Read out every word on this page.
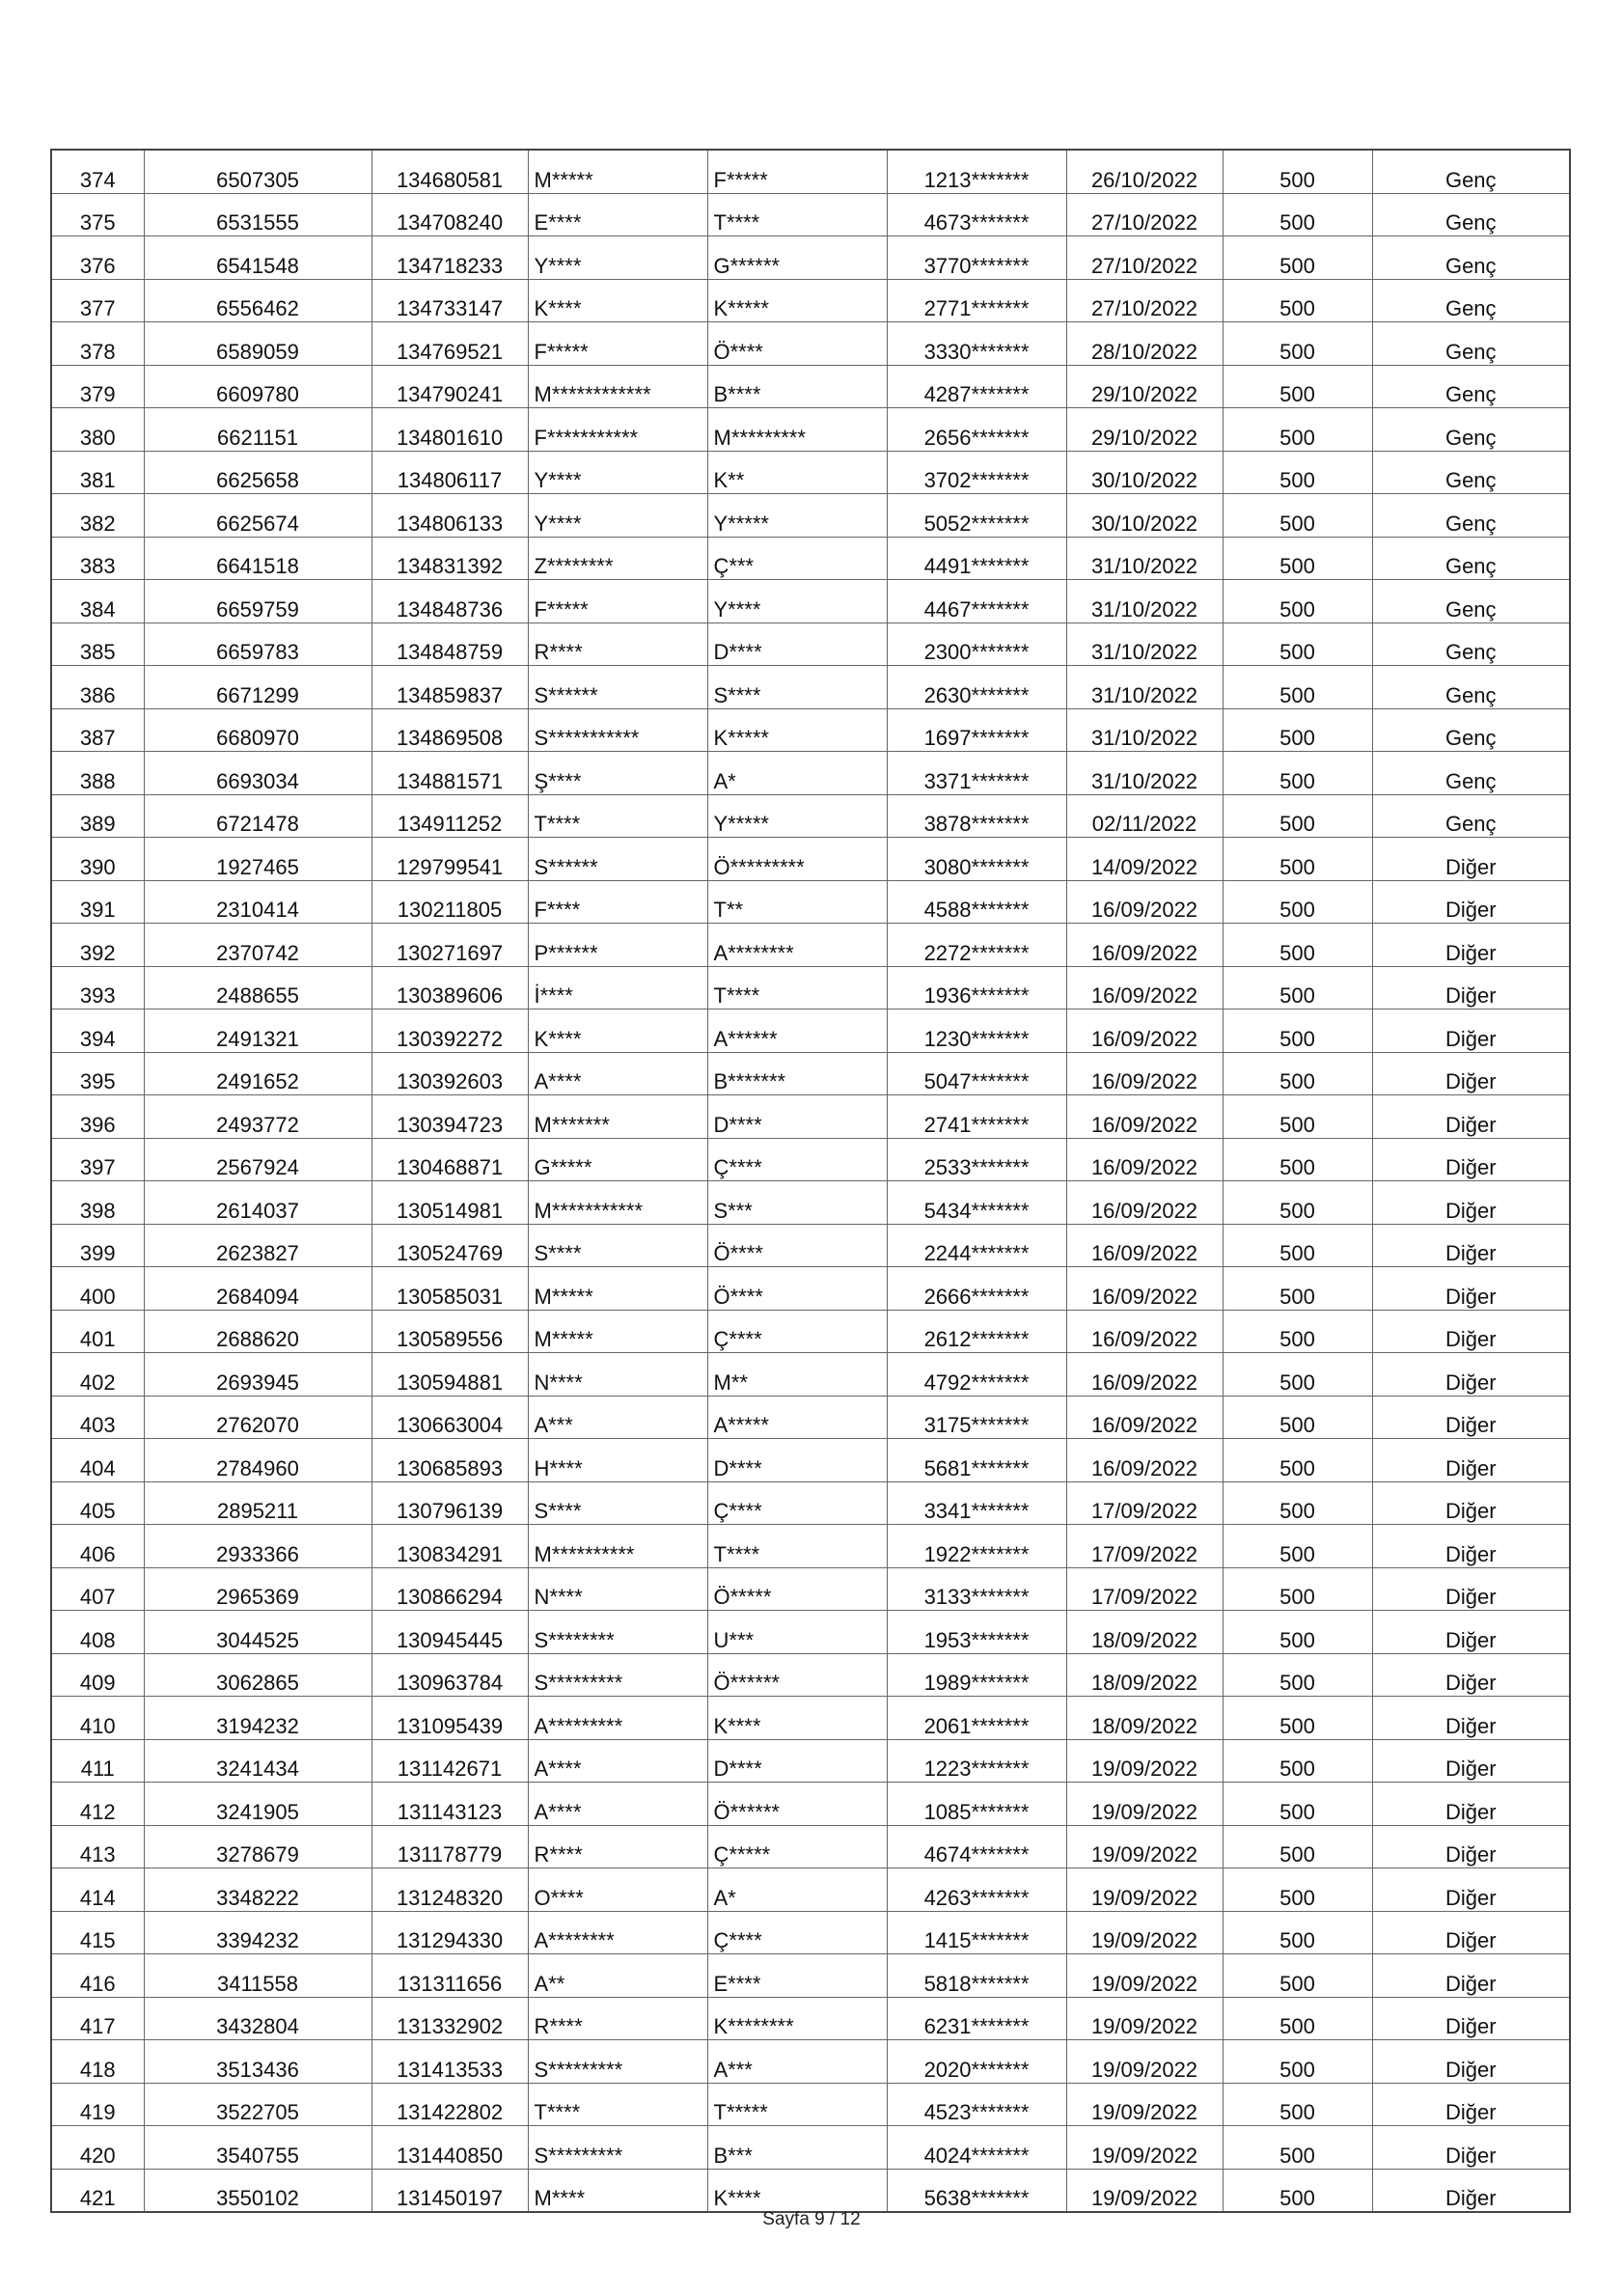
374	6507305	134680581	M*****	F*****	1213*******	26/10/2022	500	Genç
375	6531555	134708240	E****	T****	4673*******	27/10/2022	500	Genç
376	6541548	134718233	Y****	G******	3770*******	27/10/2022	500	Genç
377	6556462	134733147	K****	K*****	2771*******	27/10/2022	500	Genç
378	6589059	134769521	F*****	Ö****	3330*******	28/10/2022	500	Genç
379	6609780	134790241	M************	B****	4287*******	29/10/2022	500	Genç
380	6621151	134801610	F***********	M*********	2656*******	29/10/2022	500	Genç
381	6625658	134806117	Y****	K**	3702*******	30/10/2022	500	Genç
382	6625674	134806133	Y****	Y*****	5052*******	30/10/2022	500	Genç
383	6641518	134831392	Z********	Ç***	4491*******	31/10/2022	500	Genç
384	6659759	134848736	F*****	Y****	4467*******	31/10/2022	500	Genç
385	6659783	134848759	R****	D****	2300*******	31/10/2022	500	Genç
386	6671299	134859837	S******	S****	2630*******	31/10/2022	500	Genç
387	6680970	134869508	S***********	K*****	1697*******	31/10/2022	500	Genç
388	6693034	134881571	Ş****	A*	3371*******	31/10/2022	500	Genç
389	6721478	134911252	T****	Y*****	3878*******	02/11/2022	500	Genç
390	1927465	129799541	S******	Ö*********	3080*******	14/09/2022	500	Diğer
391	2310414	130211805	F****	T**	4588*******	16/09/2022	500	Diğer
392	2370742	130271697	P******	A********	2272*******	16/09/2022	500	Diğer
393	2488655	130389606	İ****	T****	1936*******	16/09/2022	500	Diğer
394	2491321	130392272	K****	A******	1230*******	16/09/2022	500	Diğer
395	2491652	130392603	A****	B*******	5047*******	16/09/2022	500	Diğer
396	2493772	130394723	M*******	D****	2741*******	16/09/2022	500	Diğer
397	2567924	130468871	G*****	Ç****	2533*******	16/09/2022	500	Diğer
398	2614037	130514981	M***********	S***	5434*******	16/09/2022	500	Diğer
399	2623827	130524769	S****	Ö****	2244*******	16/09/2022	500	Diğer
400	2684094	130585031	M*****	Ö****	2666*******	16/09/2022	500	Diğer
401	2688620	130589556	M*****	Ç****	2612*******	16/09/2022	500	Diğer
402	2693945	130594881	N****	M**	4792*******	16/09/2022	500	Diğer
403	2762070	130663004	A***	A*****	3175*******	16/09/2022	500	Diğer
404	2784960	130685893	H****	D****	5681*******	16/09/2022	500	Diğer
405	2895211	130796139	S****	Ç****	3341*******	17/09/2022	500	Diğer
406	2933366	130834291	M**********	T****	1922*******	17/09/2022	500	Diğer
407	2965369	130866294	N****	Ö*****	3133*******	17/09/2022	500	Diğer
408	3044525	130945445	S********	U***	1953*******	18/09/2022	500	Diğer
409	3062865	130963784	S*********	Ö******	1989*******	18/09/2022	500	Diğer
410	3194232	131095439	A*********	K****	2061*******	18/09/2022	500	Diğer
411	3241434	131142671	A****	D****	1223*******	19/09/2022	500	Diğer
412	3241905	131143123	A****	Ö******	1085*******	19/09/2022	500	Diğer
413	3278679	131178779	R****	Ç*****	4674*******	19/09/2022	500	Diğer
414	3348222	131248320	O****	A*	4263*******	19/09/2022	500	Diğer
415	3394232	131294330	A********	Ç****	1415*******	19/09/2022	500	Diğer
416	3411558	131311656	A**	E****	5818*******	19/09/2022	500	Diğer
417	3432804	131332902	R****	K********	6231*******	19/09/2022	500	Diğer
418	3513436	131413533	S*********	A***	2020*******	19/09/2022	500	Diğer
419	3522705	131422802	T****	T*****	4523*******	19/09/2022	500	Diğer
420	3540755	131440850	S*********	B***	4024*******	19/09/2022	500	Diğer
421	3550102	131450197	M****	K****	5638*******	19/09/2022	500	Diğer
Sayfa 9 / 12
